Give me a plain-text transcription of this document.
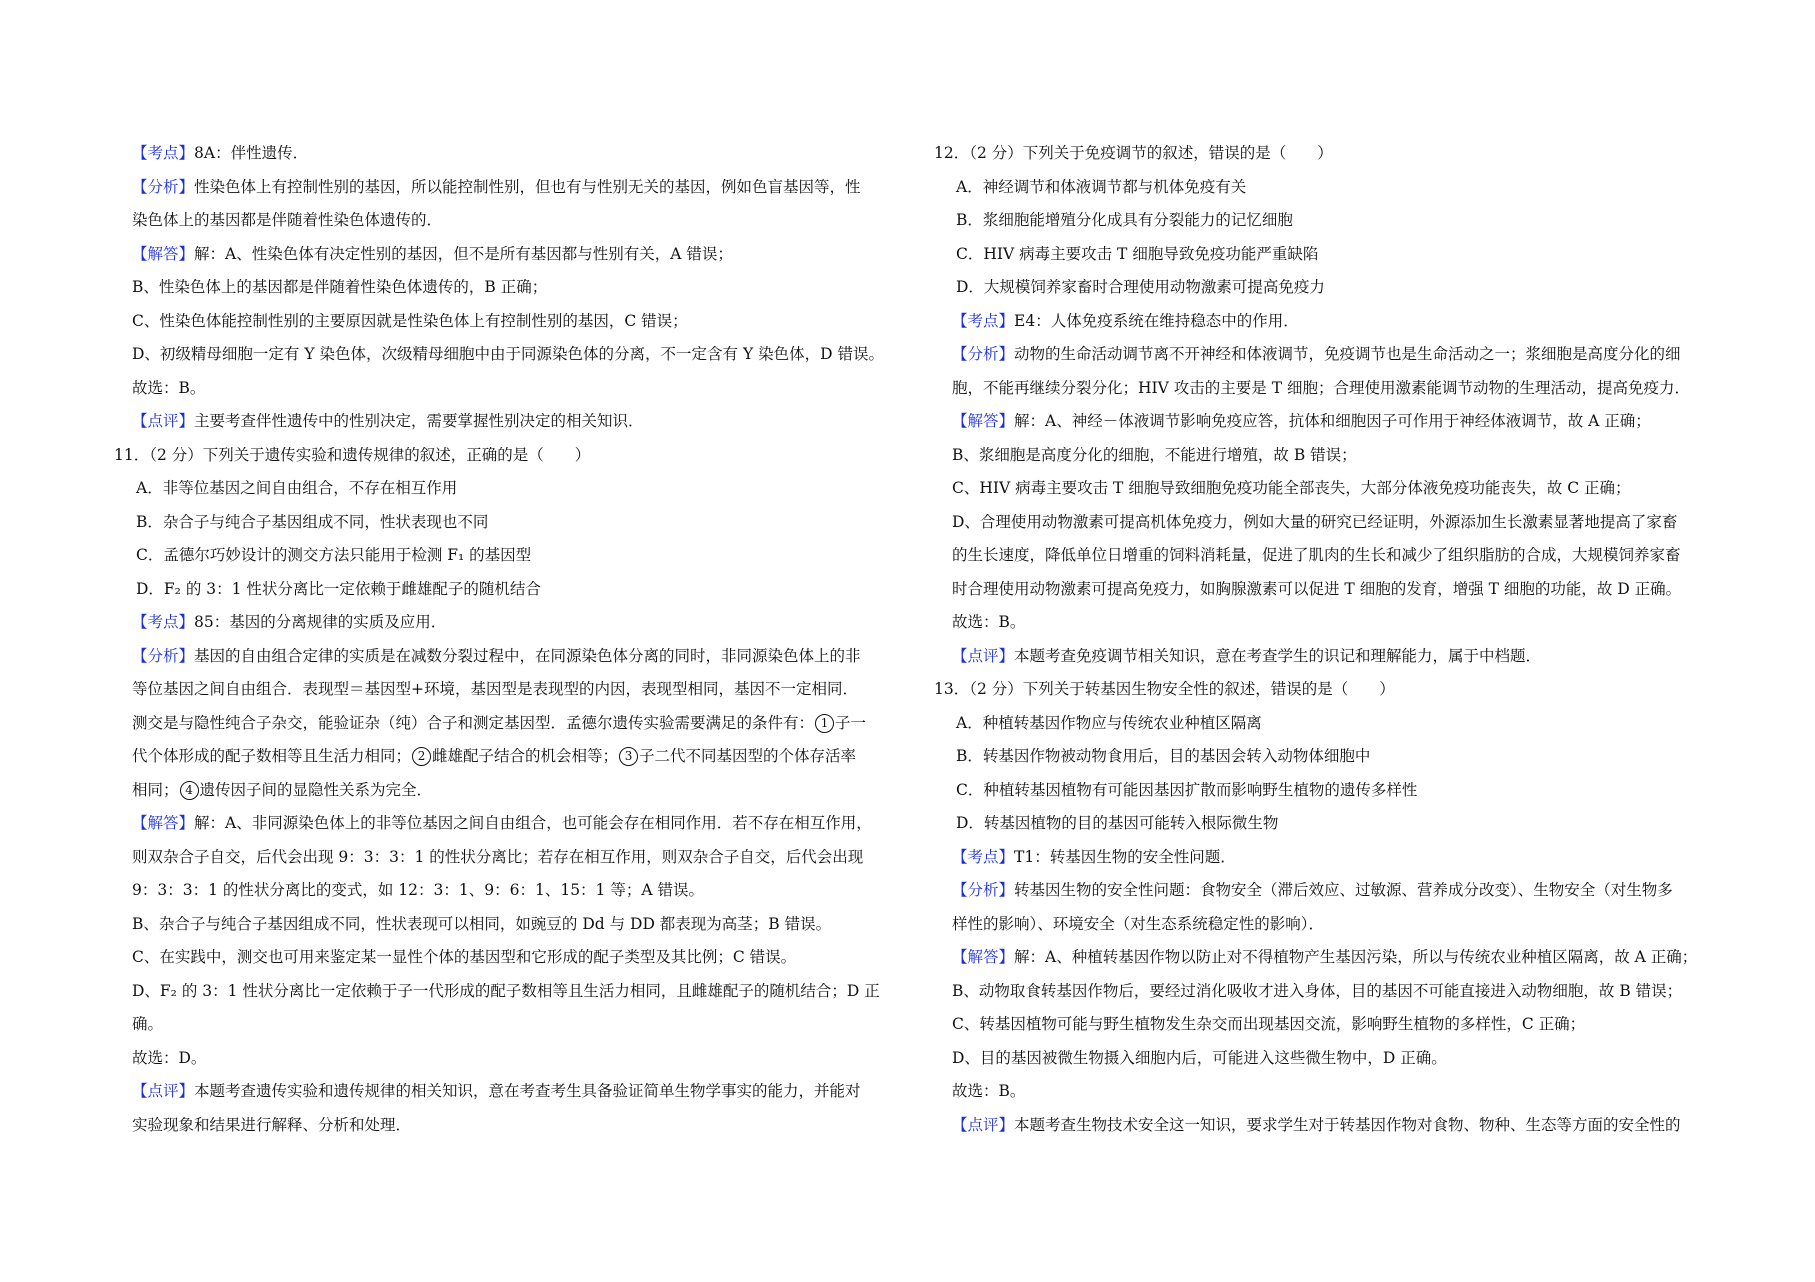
【考点】8A：伴性遗传．
【分析】性染色体上有控制性别的基因，所以能控制性别，但也有与性别无关的基因，例如色盲基因等，性
染色体上的基因都是伴随着性染色体遗传的．
【解答】解：A、性染色体有决定性别的基因，但不是所有基因都与性别有关，A 错误；
B、性染色体上的基因都是伴随着性染色体遗传的，B 正确；
C、性染色体能控制性别的主要原因就是性染色体上有控制性别的基因，C 错误；
D、初级精母细胞一定有 Y 染色体，次级精母细胞中由于同源染色体的分离，不一定含有 Y 染色体，D 错误。
故选：B。
【点评】主要考查伴性遗传中的性别决定，需要掌握性别决定的相关知识．
11．（2 分）下列关于遗传实验和遗传规律的叙述，正确的是（　　）
A．非等位基因之间自由组合，不存在相互作用
B．杂合子与纯合子基因组成不同，性状表现也不同
C．孟德尔巧妙设计的测交方法只能用于检测 F₁ 的基因型
D．F₂ 的 3：1 性状分离比一定依赖于雌雄配子的随机结合
【考点】85：基因的分离规律的实质及应用．
【分析】基因的自由组合定律的实质是在减数分裂过程中，在同源染色体分离的同时，非同源染色体上的非
等位基因之间自由组合．表现型＝基因型+环境，基因型是表现型的内因，表现型相同，基因不一定相同．
测交是与隐性纯合子杂交，能验证杂（纯）合子和测定基因型．孟德尔遗传实验需要满足的条件有： 1 子一
代个体形成的配子数相等且生活力相同； 2 雌雄配子结合的机会相等； 3 子二代不同基因型的个体存活率
相同； 4 遗传因子间的显隐性关系为完全．
【解答】解：A、非同源染色体上的非等位基因之间自由组合，也可能会存在相同作用．若不存在相互作用，
则双杂合子自交，后代会出现 9：3：3：1 的性状分离比；若存在相互作用，则双杂合子自交，后代会出现
9：3：3：1 的性状分离比的变式，如 12：3：1、9：6：1、15：1 等；A 错误。
B、杂合子与纯合子基因组成不同，性状表现可以相同，如豌豆的 Dd 与 DD 都表现为高茎；B 错误。
C、在实践中，测交也可用来鉴定某一显性个体的基因型和它形成的配子类型及其比例；C 错误。
D、F₂ 的 3：1 性状分离比一定依赖于子一代形成的配子数相等且生活力相同，且雌雄配子的随机结合；D 正
确。
故选：D。
【点评】本题考查遗传实验和遗传规律的相关知识，意在考查考生具备验证简单生物学事实的能力，并能对
实验现象和结果进行解释、分析和处理．
12．（2 分）下列关于免疫调节的叙述，错误的是（　　）
A．神经调节和体液调节都与机体免疫有关
B．浆细胞能增殖分化成具有分裂能力的记忆细胞
C．HIV 病毒主要攻击 T 细胞导致免疫功能严重缺陷
D．大规模饲养家畜时合理使用动物激素可提高免疫力
【考点】E4：人体免疫系统在维持稳态中的作用．
【分析】动物的生命活动调节离不开神经和体液调节，免疫调节也是生命活动之一；浆细胞是高度分化的细
胞，不能再继续分裂分化；HIV 攻击的主要是 T 细胞；合理使用激素能调节动物的生理活动，提高免疫力．
【解答】解：A、神经－体液调节影响免疫应答，抗体和细胞因子可作用于神经体液调节，故 A 正确；
B、浆细胞是高度分化的细胞，不能进行增殖，故 B 错误；
C、HIV 病毒主要攻击 T 细胞导致细胞免疫功能全部丧失，大部分体液免疫功能丧失，故 C 正确；
D、合理使用动物激素可提高机体免疫力，例如大量的研究已经证明，外源添加生长激素显著地提高了家畜
的生长速度，降低单位日增重的饲料消耗量，促进了肌肉的生长和减少了组织脂肪的合成，大规模饲养家畜
时合理使用动物激素可提高免疫力，如胸腺激素可以促进 T 细胞的发育，增强 T 细胞的功能，故 D 正确。
故选：B。
【点评】本题考查免疫调节相关知识，意在考查学生的识记和理解能力，属于中档题．
13．（2 分）下列关于转基因生物安全性的叙述，错误的是（　　）
A．种植转基因作物应与传统农业种植区隔离
B．转基因作物被动物食用后，目的基因会转入动物体细胞中
C．种植转基因植物有可能因基因扩散而影响野生植物的遗传多样性
D．转基因植物的目的基因可能转入根际微生物
【考点】T1：转基因生物的安全性问题．
【分析】转基因生物的安全性问题：食物安全（滞后效应、过敏源、营养成分改变）、生物安全（对生物多
样性的影响）、环境安全（对生态系统稳定性的影响）．
【解答】解：A、种植转基因作物以防止对不得植物产生基因污染，所以与传统农业种植区隔离，故 A 正确；
B、动物取食转基因作物后，要经过消化吸收才进入身体，目的基因不可能直接进入动物细胞，故 B 错误；
C、转基因植物可能与野生植物发生杂交而出现基因交流，影响野生植物的多样性，C 正确；
D、目的基因被微生物摄入细胞内后，可能进入这些微生物中，D 正确。
故选：B。
【点评】本题考查生物技术安全这一知识，要求学生对于转基因作物对食物、物种、生态等方面的安全性的
